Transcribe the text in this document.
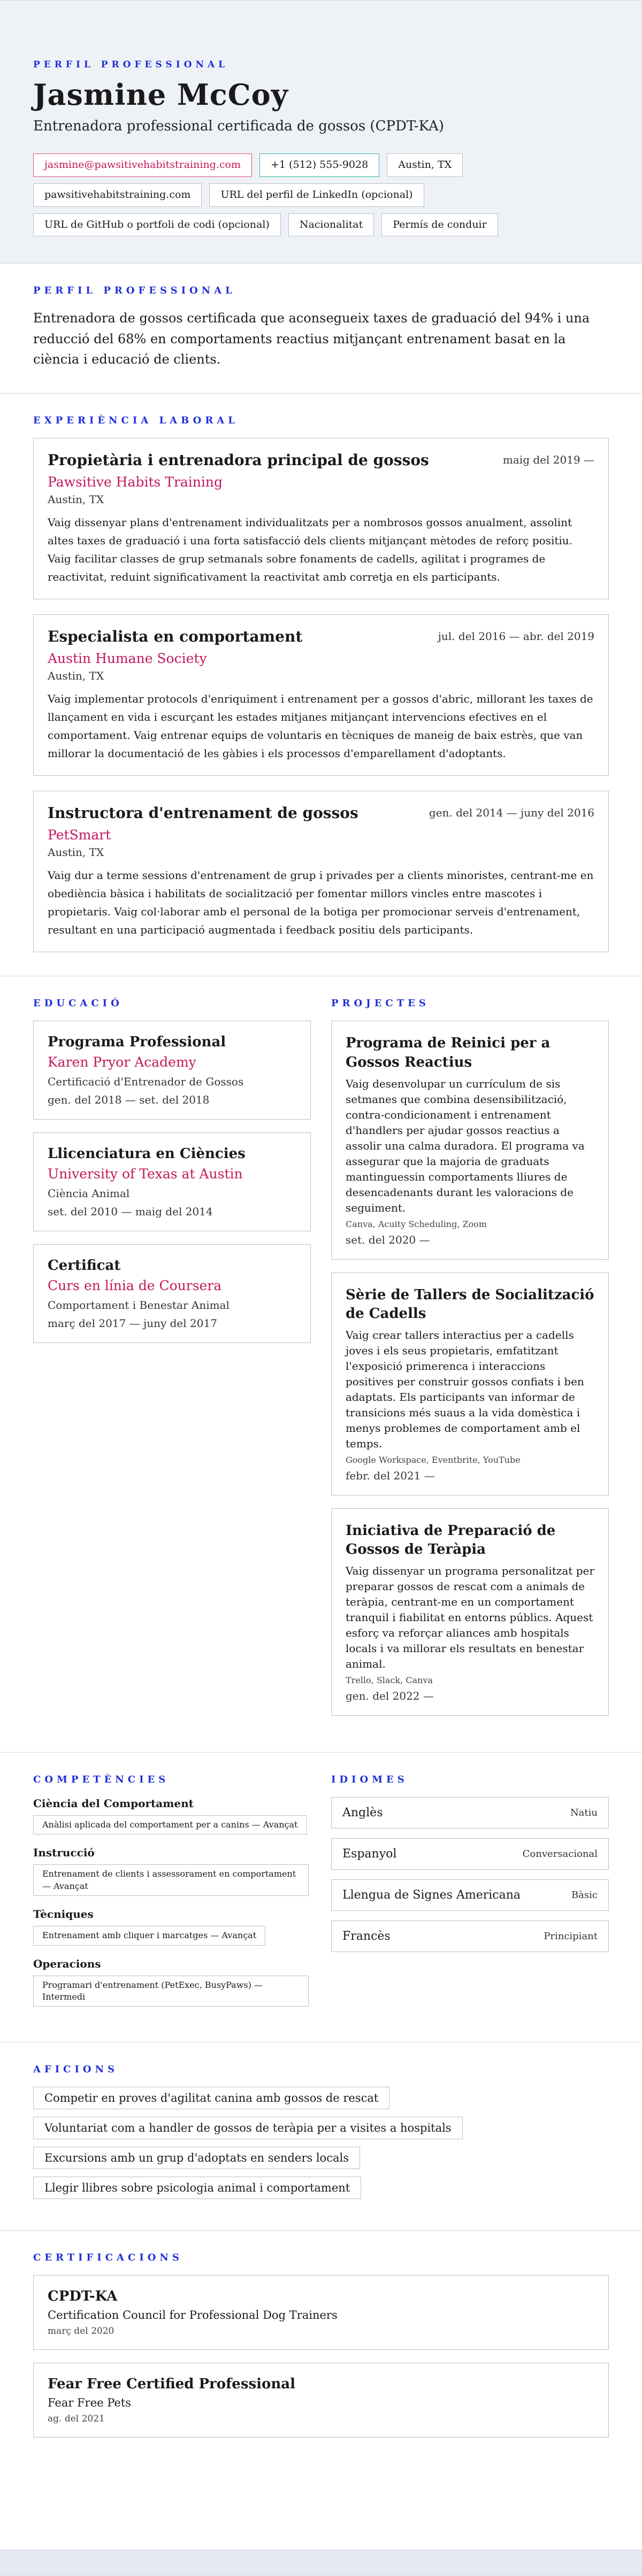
PERFIL PROFESSIONAL
Jasmine McCoy
Entrenadora professional certificada de gossos (CPDT-KA)
jasmine@pawsitivehabitstraining.com	+1 (512) 555-9028	Austin, TX
pawsitivehabitstraining.com	URL del perfil de LinkedIn (opcional)
URL de GitHub o portfoli de codi (opcional)	Nacionalitat	Permís de conduir
PERFIL PROFESSIONAL

Entrenadora de gossos certificada que aconsegueix taxes de graduació del 94% i una reducció del 68% en comportaments reactius mitjançant entrenament basat en la ciència i educació de clients.

EXPERIÈNCIA LABORAL
Propietària i entrenadora principal de gossos	maig del 2019 —
Pawsitive Habits Training
Austin, TX

Vaig dissenyar plans d'entrenament individualitzats per a nombrosos gossos anualment, assolint altes taxes de graduació i una forta satisfacció dels clients mitjançant mètodes de reforç positiu. Vaig facilitar classes de grup setmanals sobre fonaments de cadells, agilitat i programes de reactivitat, reduint significativament la reactivitat amb corretja en els participants.

Especialista en comportament	jul. del 2016 — abr. del 2019
Austin Humane Society
Austin, TX

Vaig implementar protocols d'enriquiment i entrenament per a gossos d'abric, millorant les taxes de llançament en vida i escurçant les estades mitjanes mitjançant intervencions efectives en el comportament. Vaig entrenar equips de voluntaris en tècniques de maneig de baix estrès, que van millorar la documentació de les gàbies i els processos d'emparellament d'adoptants.

Instructora d'entrenament de gossos	gen. del 2014 — juny del 2016
PetSmart
Austin, TX

Vaig dur a terme sessions d'entrenament de grup i privades per a clients minoristes, centrant-me en obediència bàsica i habilitats de socialització per fomentar millors vincles entre mascotes i propietaris. Vaig col·laborar amb el personal de la botiga per promocionar serveis d'entrenament, resultant en una participació augmentada i feedback positiu dels participants.

EDUCACIÓ
Programa Professional
Karen Pryor Academy
Certificació d'Entrenador de Gossos
gen. del 2018 — set. del 2018
Llicenciatura en Ciències
University of Texas at Austin
Ciència Animal
set. del 2010 — maig del 2014
Certificat
Curs en línia de Coursera
Comportament i Benestar Animal
març del 2017 — juny del 2017
PROJECTES
Programa de Reinici per a Gossos Reactius

Vaig desenvolupar un currículum de sis setmanes que combina desensibilització, contra-condicionament i entrenament d'handlers per ajudar gossos reactius a assolir una calma duradora. El programa va assegurar que la majoria de graduats mantinguessin comportaments lliures de desencadenants durant les valoracions de seguiment.

Canva, Acuity Scheduling, Zoom
set. del 2020 —
Sèrie de Tallers de Socialització de Cadells

Vaig crear tallers interactius per a cadells joves i els seus propietaris, emfatitzant l'exposició primerenca i interaccions positives per construir gossos confiats i ben adaptats. Els participants van informar de transicions més suaus a la vida domèstica i menys problemes de comportament amb el temps.

Google Workspace, Eventbrite, YouTube
febr. del 2021 —
Iniciativa de Preparació de Gossos de Teràpia

Vaig dissenyar un programa personalitzat per preparar gossos de rescat com a animals de teràpia, centrant-me en un comportament tranquil i fiabilitat en entorns públics. Aquest esforç va reforçar aliances amb hospitals locals i va millorar els resultats en benestar animal.

Trello, Slack, Canva
gen. del 2022 —
COMPETÈNCIES
Ciència del Comportament
Anàlisi aplicada del comportament per a canins — Avançat
Instrucció
Entrenament de clients i assessorament en comportament — Avançat
Tècniques
Entrenament amb cliquer i marcatges — Avançat
Operacions
Programari d'entrenament (PetExec, BusyPaws) — Intermedi
IDIOMES
Anglès	Natiu
Espanyol	Conversacional
Llengua de Signes Americana	Bàsic
Francès	Principiant
AFICIONS
Competir en proves d'agilitat canina amb gossos de rescat
Voluntariat com a handler de gossos de teràpia per a visites a hospitals
Excursions amb un grup d'adoptats en senders locals
Llegir llibres sobre psicologia animal i comportament
CERTIFICACIONS
CPDT-KA
Certification Council for Professional Dog Trainers
març del 2020
Fear Free Certified Professional
Fear Free Pets
ag. del 2021
